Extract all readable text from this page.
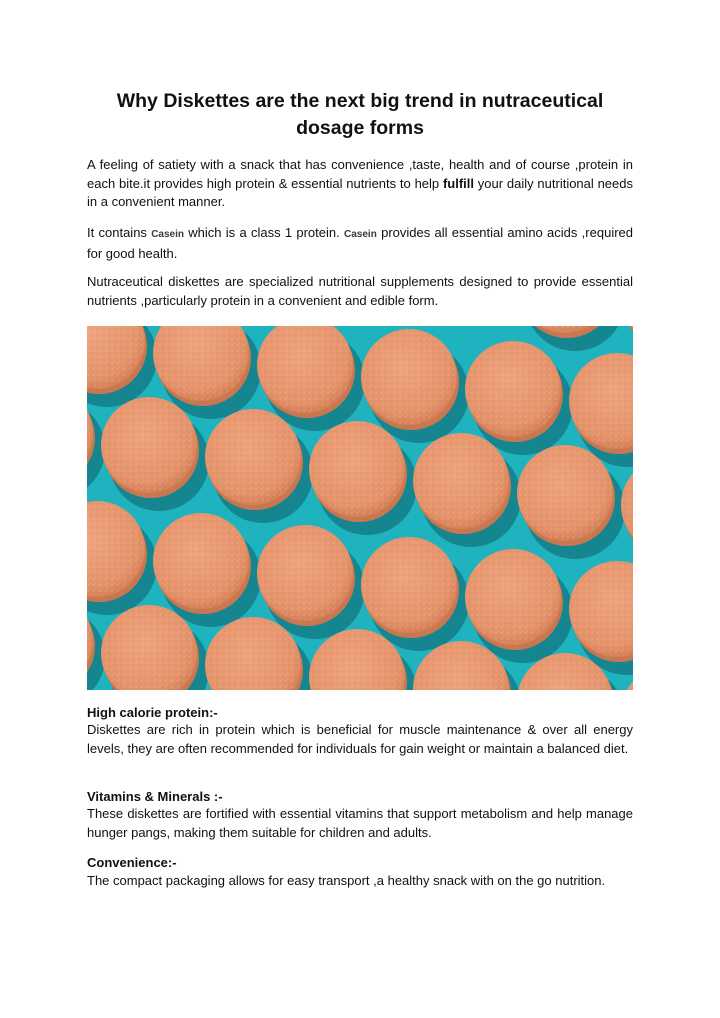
Why Diskettes are the next big trend in nutraceutical dosage forms

A feeling of satiety with a snack that has convenience ,taste, health and of course ,protein in each bite.it provides high protein & essential nutrients to help fulfill your daily nutritional needs in a convenient manner.

It contains Casein which is a class 1 protein. Casein provides all essential amino acids ,required for good health.

Nutraceutical diskettes are specialized nutritional supplements designed to provide essential nutrients ,particularly protein in a convenient and edible form.

High calorie protein:-

Diskettes are rich in protein which is beneficial for muscle maintenance & over all energy levels, they are often recommended for individuals for gain weight or maintain a balanced diet.

Vitamins & Minerals :-

These diskettes are fortified with essential vitamins that support metabolism and help manage hunger pangs, making them suitable for children and adults.

Convenience:-

The compact packaging allows for easy transport ,a healthy snack with on the go nutrition.
